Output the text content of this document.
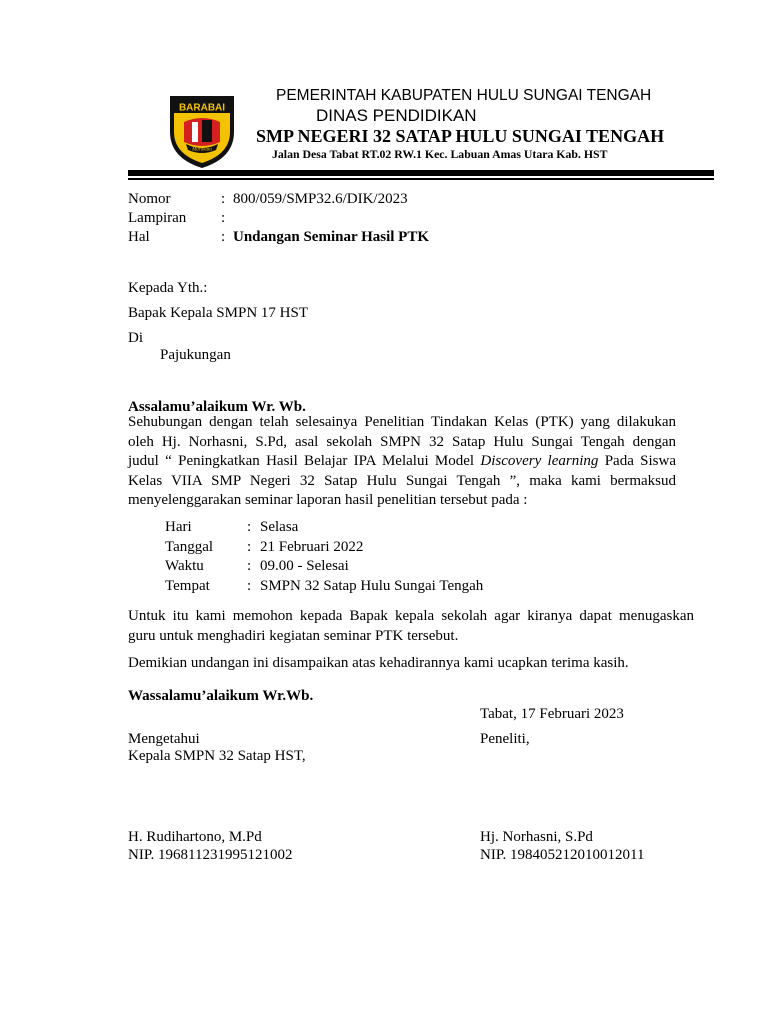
BARABAI
Murakata
PEMERINTAH KABUPATEN HULU SUNGAI TENGAH
DINAS PENDIDIKAN
SMP NEGERI 32 SATAP HULU SUNGAI TENGAH
Jalan Desa Tabat RT.02 RW.1 Kec. Labuan Amas Utara Kab. HST
Nomor	: 800/059/SMP32.6/DIK/2023
Lampiran :
Hal	: Undangan Seminar Hasil PTK
Kepada Yth.:
Bapak Kepala SMPN 17 HST
Di
Pajukungan
Assalamu’alaikum Wr. Wb.

Sehubungan dengan telah selesainya Penelitian Tindakan Kelas (PTK) yang dilakukan

oleh Hj. Norhasni, S.Pd, asal sekolah SMPN 32 Satap Hulu Sungai Tengah dengan

judul “ Peningkatkan Hasil Belajar IPA Melalui Model Discovery learning Pada Siswa

Kelas VIIA SMP Negeri 32 Satap Hulu Sungai Tengah ”, maka kami bermaksud

menyelenggarakan seminar laporan hasil penelitian tersebut pada :

Hari	: Selasa
Tanggal : 21 Februari 2022
Waktu	: 09.00 - Selesai
Tempat : SMPN 32 Satap Hulu Sungai Tengah

Untuk itu kami memohon kepada Bapak kepala sekolah agar kiranya dapat menugaskan

guru untuk menghadiri kegiatan seminar PTK tersebut.

Demikian undangan ini disampaikan atas kehadirannya kami ucapkan terima kasih.
Wassalamu’alaikum Wr.Wb.
Tabat, 17 Februari 2023
Mengetahui
Kepala SMPN 32 Satap HST,
Peneliti,
H. Rudihartono, M.Pd
NIP. 196811231995121002
Hj. Norhasni, S.Pd
NIP. 198405212010012011
